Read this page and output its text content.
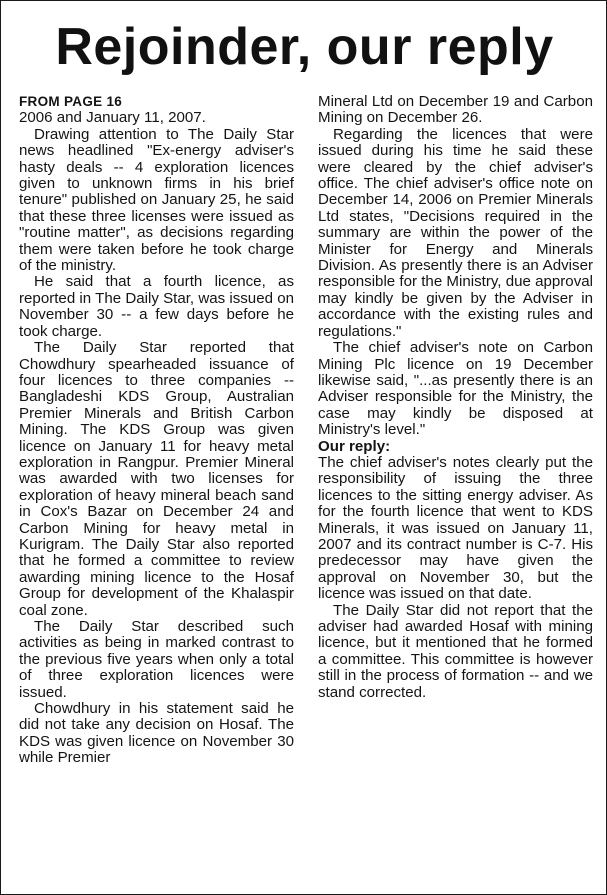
Rejoinder, our reply

FROM PAGE 16

2006 and January 11, 2007.

Drawing attention to The Daily Star news headlined "Ex-energy adviser's hasty deals -- 4 exploration licences given to unknown firms in his brief tenure" published on January 25, he said that these three licenses were issued as "routine matter", as decisions regarding them were taken before he took charge of the ministry.

He said that a fourth licence, as reported in The Daily Star, was issued on November 30 -- a few days before he took charge.

The Daily Star reported that Chowdhury spearheaded issuance of four licences to three companies -- Bangladeshi KDS Group, Australian Premier Minerals and British Carbon Mining. The KDS Group was given licence on January 11 for heavy metal exploration in Rangpur. Premier Mineral was awarded with two licenses for exploration of heavy mineral beach sand in Cox's Bazar on December 24 and Carbon Mining for heavy metal in Kurigram. The Daily Star also reported that he formed a committee to review awarding mining licence to the Hosaf Group for development of the Khalaspir coal zone.

The Daily Star described such activities as being in marked contrast to the previous five years when only a total of three exploration licences were issued.

Chowdhury in his statement said he did not take any decision on Hosaf. The KDS was given licence on November 30 while Premier

Mineral Ltd on December 19 and Carbon Mining on December 26.

Regarding the licences that were issued during his time he said these were cleared by the chief adviser's office. The chief adviser's office note on December 14, 2006 on Premier Minerals Ltd states, "Decisions required in the summary are within the power of the Minister for Energy and Minerals Division. As presently there is an Adviser responsible for the Ministry, due approval may kindly be given by the Adviser in accordance with the existing rules and regulations."

The chief adviser's note on Carbon Mining Plc licence on 19 December likewise said, "...as presently there is an Adviser responsible for the Ministry, the case may kindly be disposed at Ministry's level."

Our reply:

The chief adviser's notes clearly put the responsibility of issuing the three licences to the sitting energy adviser. As for the fourth licence that went to KDS Minerals, it was issued on January 11, 2007 and its contract number is C-7. His predecessor may have given the approval on November 30, but the licence was issued on that date.

The Daily Star did not report that the adviser had awarded Hosaf with mining licence, but it mentioned that he formed a committee. This committee is however still in the process of formation -- and we stand corrected.
